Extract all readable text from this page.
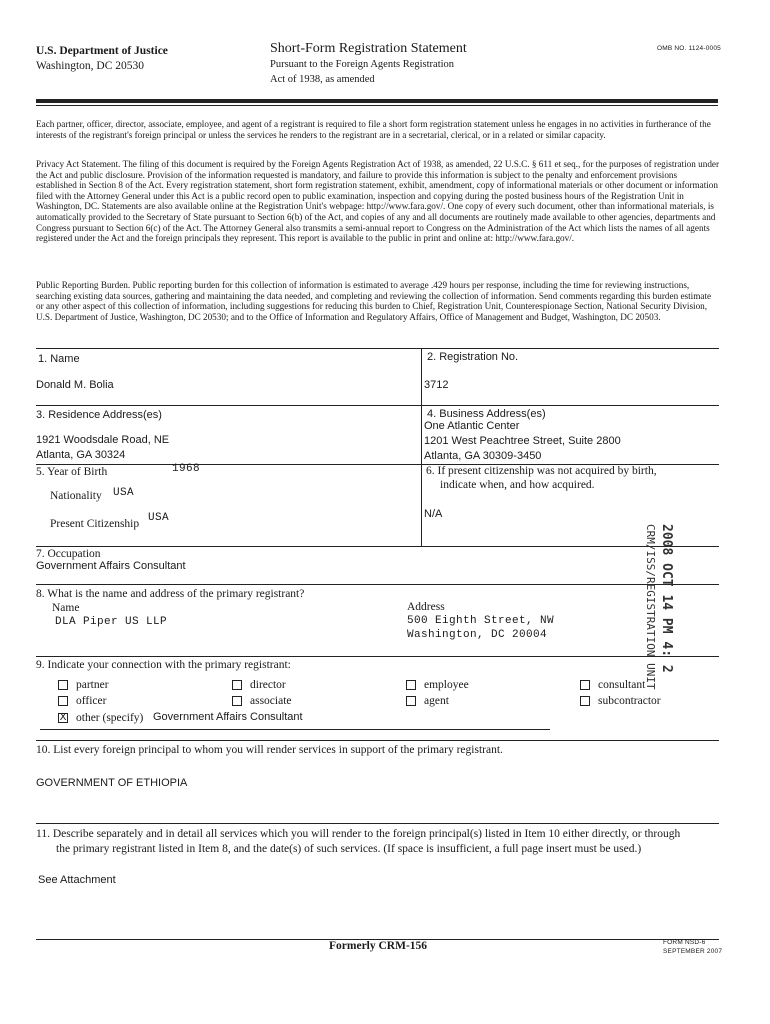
U.S. Department of Justice
Washington, DC 20530
Short-Form Registration Statement
Pursuant to the Foreign Agents Registration
Act of 1938, as amended
OMB NO. 1124-0005
Each partner, officer, director, associate, employee, and agent of a registrant is required to file a short form registration statement unless he engages in no activities in furtherance of the interests of the registrant's foreign principal or unless the services he renders to the registrant are in a secretarial, clerical, or in a related or similar capacity.
Privacy Act Statement. The filing of this document is required by the Foreign Agents Registration Act of 1938, as amended, 22 U.S.C. § 611 et seq., for the purposes of registration under the Act and public disclosure. Provision of the information requested is mandatory, and failure to provide this information is subject to the penalty and enforcement provisions established in Section 8 of the Act. Every registration statement, short form registration statement, exhibit, amendment, copy of informational materials or other document or information filed with the Attorney General under this Act is a public record open to public examination, inspection and copying during the posted business hours of the Registration Unit in Washington, DC. Statements are also available online at the Registration Unit's webpage: http://www.fara.gov/. One copy of every such document, other than informational materials, is automatically provided to the Secretary of State pursuant to Section 6(b) of the Act, and copies of any and all documents are routinely made available to other agencies, departments and Congress pursuant to Section 6(c) of the Act. The Attorney General also transmits a semi-annual report to Congress on the Administration of the Act which lists the names of all agents registered under the Act and the foreign principals they represent. This report is available to the public in print and online at: http://www.fara.gov/.
Public Reporting Burden. Public reporting burden for this collection of information is estimated to average .429 hours per response, including the time for reviewing instructions, searching existing data sources, gathering and maintaining the data needed, and completing and reviewing the collection of information. Send comments regarding this burden estimate or any other aspect of this collection of information, including suggestions for reducing this burden to Chief, Registration Unit, Counterespionage Section, National Security Division, U.S. Department of Justice, Washington, DC 20530; and to the Office of Information and Regulatory Affairs, Office of Management and Budget, Washington, DC 20503.
1. Name
Donald M. Bolia
2. Registration No.
3712
3. Residence Address(es)
1921 Woodsdale Road, NE
Atlanta, GA 30324
4. Business Address(es)
One Atlantic Center
1201 West Peachtree Street, Suite 2800
Atlanta, GA 30309-3450
5. Year of Birth	1968
Nationality USA
Present Citizenship USA
6. If present citizenship was not acquired by birth,
indicate when, and how acquired.
N/A
7. Occupation
Government Affairs Consultant
8. What is the name and address of the primary registrant?
Name
DLA Piper US LLP
Address
500 Eighth Street, NW
Washington, DC 20004
9. Indicate your connection with the primary registrant:
partner
officer
X other (specify) Government Affairs Consultant
director
associate
employee
agent
consultant
subcontractor
10. List every foreign principal to whom you will render services in support of the primary registrant.
GOVERNMENT OF ETHIOPIA
11. Describe separately and in detail all services which you will render to the foreign principal(s) listed in Item 10 either directly, or through
the primary registrant listed in Item 8, and the date(s) of such services. (If space is insufficient, a full page insert must be used.)
See Attachment
2008 OCT 14 PM 4: 2
CRM/ISS/REGISTRATION UNIT
Formerly CRM-156	FORM NSD-6
SEPTEMBER 2007
